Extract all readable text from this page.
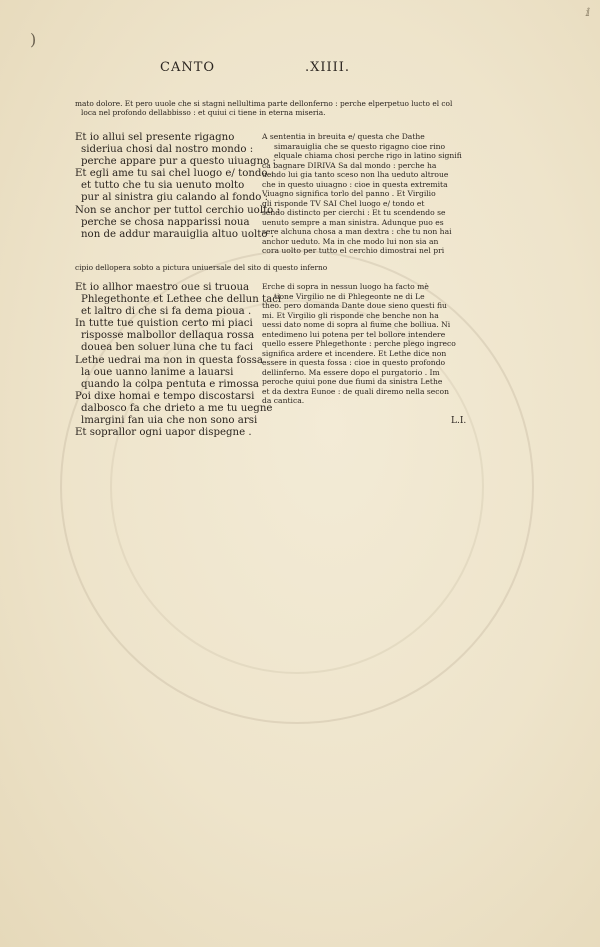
)
ⅈ
CANTO	.XIIII.
mato dolore. Et pero uuole che si stagni nellultima parte dellonferno : perche elperpetuo lucto el col
loca nel profondo dellabbisso : et quiui ci tiene in eterna miseria.
Et io allui sel presente rigagno
sideriua chosi dal nostro mondo :
perche appare pur a questo uiuagno :
Et egli ame tu sai chel luogo e/ tondo :
et tutto che tu sia uenuto molto
pur al sinistra giu calando al fondo :
Non se anchor per tuttol cerchio uolto :
perche se chosa napparissi noua
non de addur marauiglia altuo uolto .
A sententia in breuita e/ questa che Dathe
simarauiglia che se questo rigagno cioe rino
elquale chiama chosi perche rigo in latino signifi
ca bagnare DIRIVA Sa dal mondo : perche ha
uendo lui gia tanto sceso non lha ueduto altroue
che in questo uiuagno : cioe in questa extremita
Viuagno significa torlo del panno . Et Virgilio
gli risponde TV SAI Chel luogo e/ tondo et
sendo distincto per cierchi : Et tu scendendo se
uenuto sempre a man sinistra. Adunque puo es
sere alchuna chosa a man dextra : che tu non hai
anchor ueduto. Ma in che modo lui non sia an
cora uolto per tutto el cerchio dimostrai nel pri
cipio dellopera sobto a pictura uniuersale del sito di questo inferno
Et io allhor maestro oue si truoua
Phlegethonte et Lethee che dellun taci
et laltro di che si fa dema pioua .
In tutte tue quistion certo mi piaci
risposse malbollor dellaqua rossa
douea ben soluer luna che tu faci
Lethe uedrai ma non in questa fossa
la oue uanno lanime a lauarsi
quando la colpa pentuta e rimossa
Poi dixe homai e tempo discostarsi
dalbosco fa che drieto a me tu uegne
lmargini fan uia che non sono arsi
Et soprallor ogni uapor dispegne .
Erche di sopra in nessun luogo ha facto mè
tione Virgilio ne di Phlegeonte ne di Le
theo. pero domanda Dante doue sieno questi fiu
mi. Et Virgilio gli risponde che benche non ha
uessi dato nome di sopra al fiume che bolliua. Ni
entedimeno lui potena per tel bollore intendere
quello essere Phlegethonte : perche plego ingreco
significa ardere et incendere. Et Lethe dice non
essere in questa fossa : cioe in questo profondo
dellinferno. Ma essere dopo el purgatorio . Im
peroche quiui pone due fiumi da sinistra Lethe
et da dextra Eunoe : de quali diremo nella secon
da cantica.
L.I.
